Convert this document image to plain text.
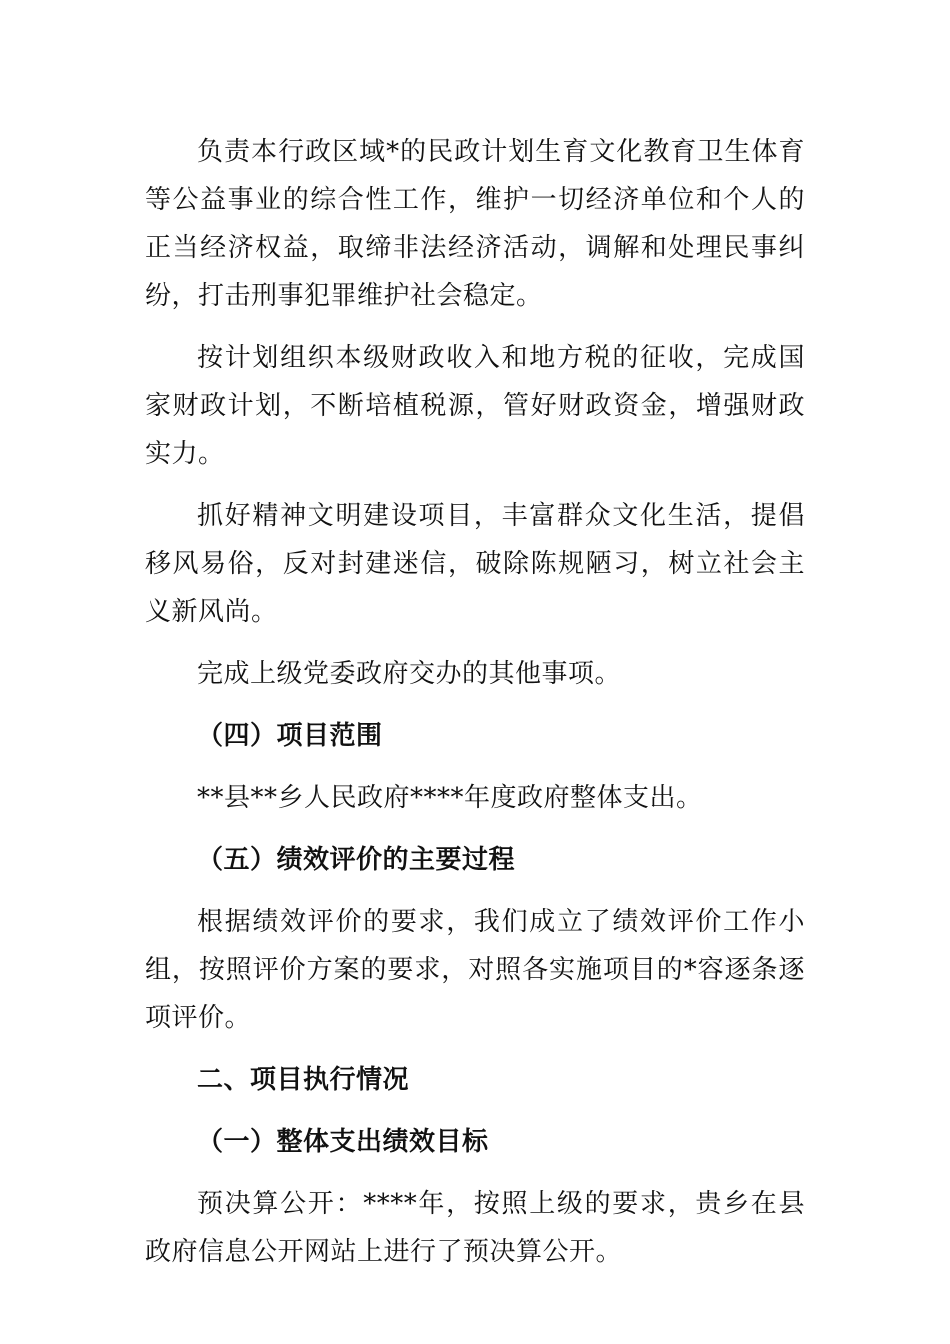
负责本行政区域*的民政计划生育文化教育卫生体育等公益事业的综合性工作，维护一切经济单位和个人的正当经济权益，取缔非法经济活动，调解和处理民事纠纷，打击刑事犯罪维护社会稳定。

按计划组织本级财政收入和地方税的征收，完成国家财政计划，不断培植税源，管好财政资金，增强财政实力。

抓好精神文明建设项目，丰富群众文化生活，提倡移风易俗，反对封建迷信，破除陈规陋习，树立社会主义新风尚。

完成上级党委政府交办的其他事项。

（四）项目范围

**县**乡人民政府****年度政府整体支出。

（五）绩效评价的主要过程

根据绩效评价的要求，我们成立了绩效评价工作小组，按照评价方案的要求，对照各实施项目的*容逐条逐项评价。

二、项目执行情况

（一）整体支出绩效目标

预决算公开：****年，按照上级的要求，贵乡在县政府信息公开网站上进行了预决算公开。
